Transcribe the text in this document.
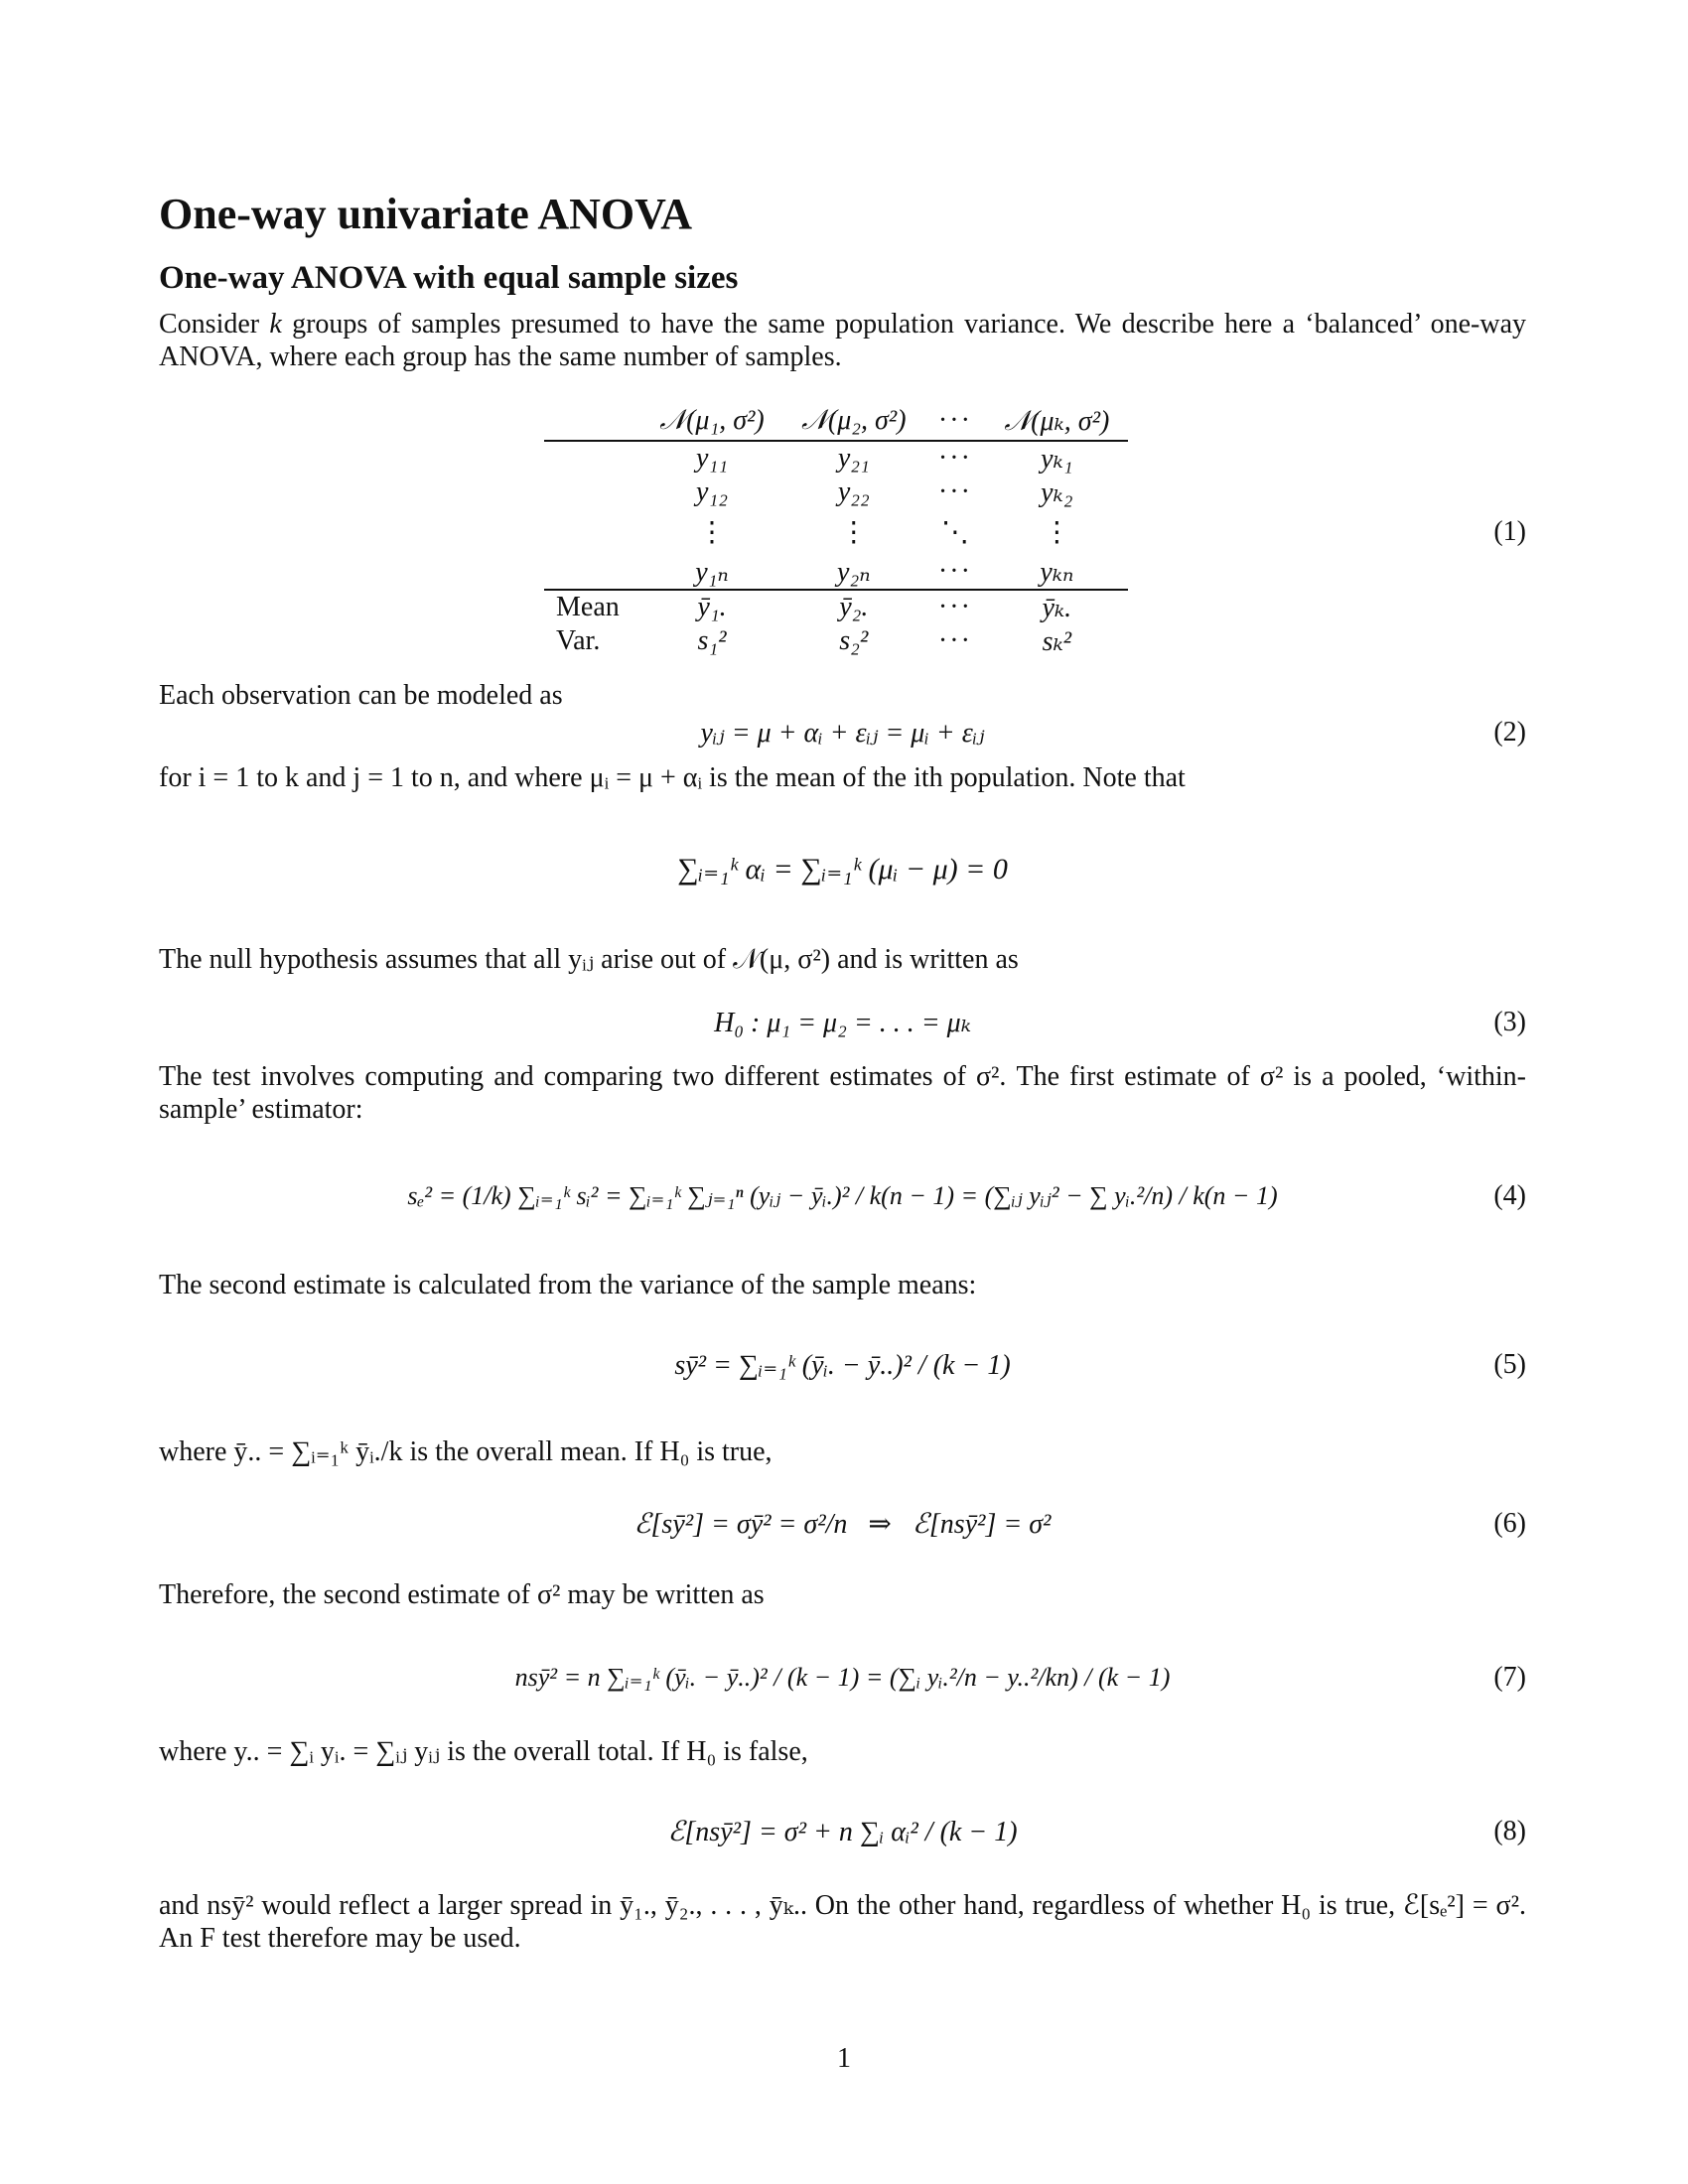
One-way univariate ANOVA
One-way ANOVA with equal sample sizes
Consider k groups of samples presumed to have the same population variance. We describe here a ‘balanced’ one-way ANOVA, where each group has the same number of samples.
	𝒩(μ₁, σ²)	𝒩(μ₂, σ²)	···	𝒩(μₖ, σ²)
	y₁₁	y₂₁	···	yₖ₁
	y₁₂	y₂₂	···	yₖ₂
	⋮	⋮	⋱	⋮
	y₁ₙ	y₂ₙ	···	yₖₙ
Mean	ȳ₁.	ȳ₂.	···	ȳₖ.
Var.	s₁²	s₂²	···	sₖ²
(1)
Each observation can be modeled as
yᵢⱼ = μ + αᵢ + εᵢⱼ = μᵢ + εᵢⱼ	(2)
for i = 1 to k and j = 1 to n, and where μᵢ = μ + αᵢ is the mean of the ith population. Note that
∑ᵢ₌₁ᵏ αᵢ = ∑ᵢ₌₁ᵏ (μᵢ − μ) = 0
The null hypothesis assumes that all yᵢⱼ arise out of 𝒩(μ, σ²) and is written as
H₀ : μ₁ = μ₂ = . . . = μₖ	(3)
The test involves computing and comparing two different estimates of σ². The first estimate of σ² is a pooled, ‘within-sample’ estimator:
sₑ² = (1/k) ∑ᵢ₌₁ᵏ sᵢ² = ∑ᵢ₌₁ᵏ ∑ⱼ₌₁ⁿ (yᵢⱼ − ȳᵢ.)² / k(n − 1) = (∑ᵢⱼ yᵢⱼ² − ∑ yᵢ.²/n) / k(n − 1)	(4)
The second estimate is calculated from the variance of the sample means:
sȳ² = ∑ᵢ₌₁ᵏ (ȳᵢ. − ȳ..)² / (k − 1)	(5)
where ȳ.. = ∑ᵢ₌₁ᵏ ȳᵢ./k is the overall mean. If H₀ is true,
ℰ[sȳ²] = σȳ² = σ²/n   ⇒   ℰ[nsȳ²] = σ²	(6)
Therefore, the second estimate of σ² may be written as
nsȳ² = n ∑ᵢ₌₁ᵏ (ȳᵢ. − ȳ..)² / (k − 1) = (∑ᵢ yᵢ.²/n − y..²/kn) / (k − 1)	(7)
where y.. = ∑ᵢ yᵢ. = ∑ᵢⱼ yᵢⱼ is the overall total. If H₀ is false,
ℰ[nsȳ²] = σ² + n ∑ᵢ αᵢ² / (k − 1)	(8)
and nsȳ² would reflect a larger spread in ȳ₁., ȳ₂., . . . , ȳₖ.. On the other hand, regardless of whether H₀ is true, ℰ[sₑ²] = σ². An F test therefore may be used.
1
